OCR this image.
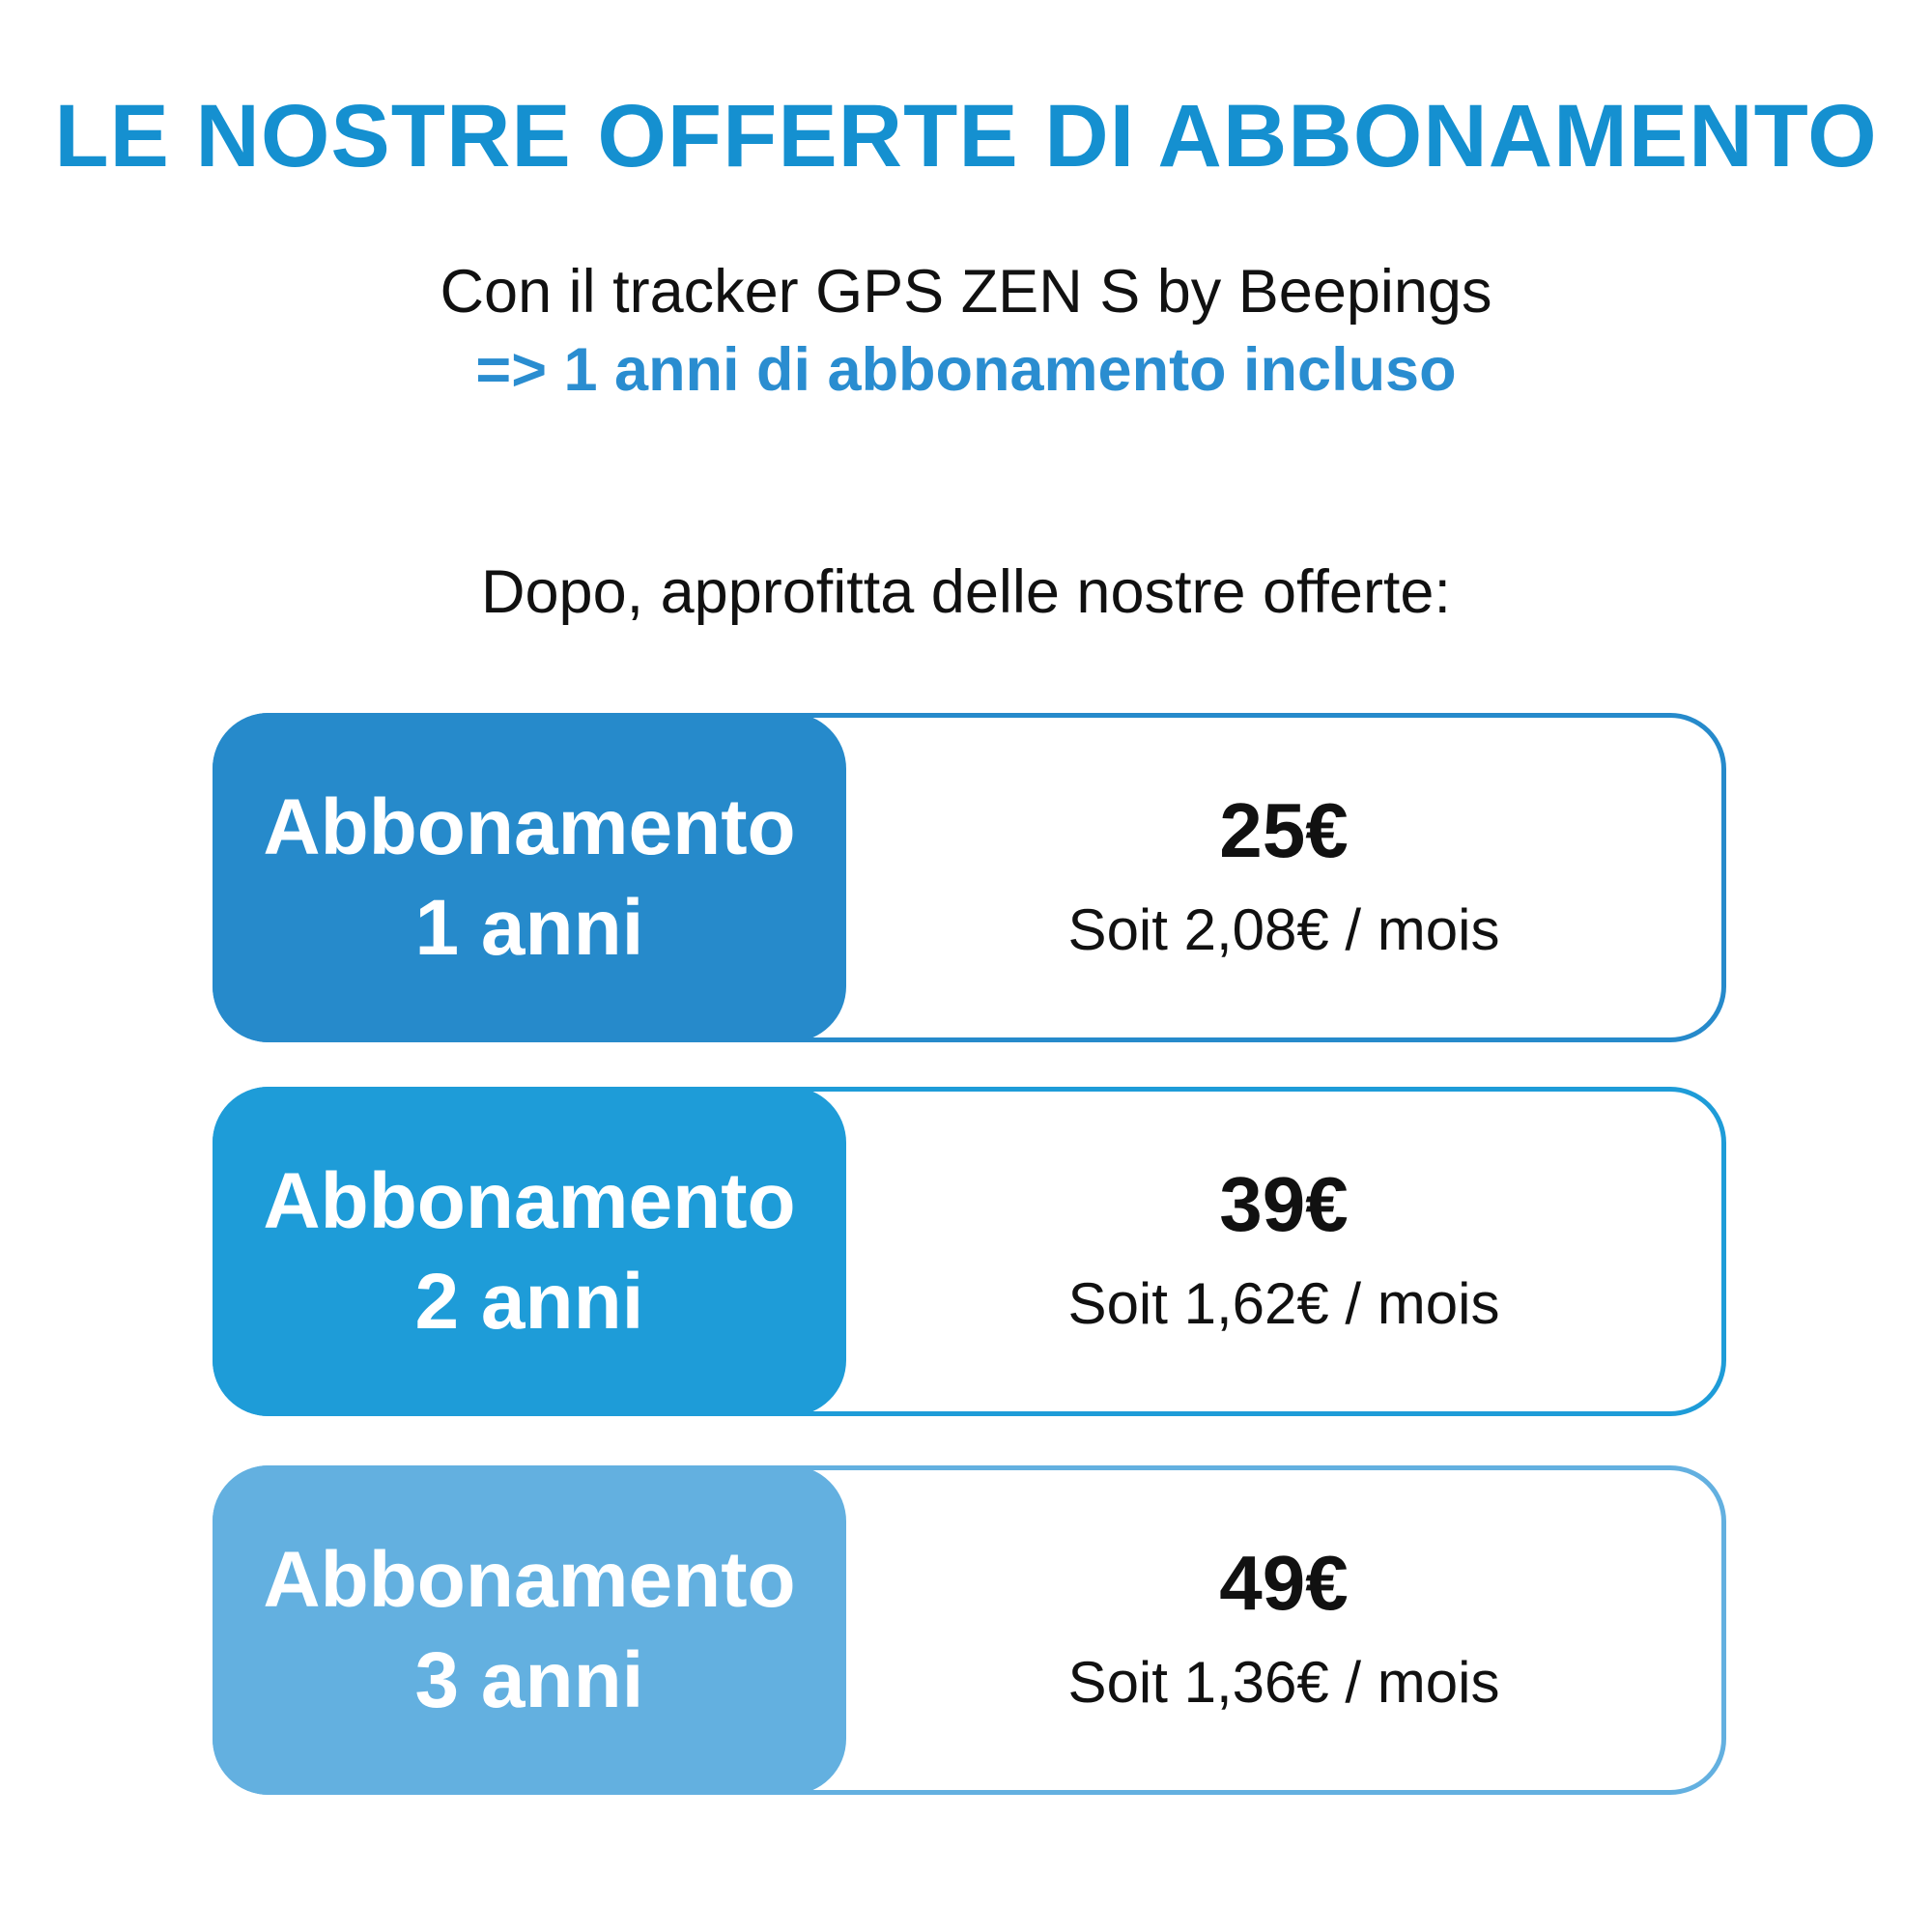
LE NOSTRE OFFERTE DI ABBONAMENTO

Con il tracker GPS ZEN S by Beepings

=> 1 anni di abbonamento incluso

Dopo, approfitta delle nostre offerte:

Abbonamento
1 anni
25€
Soit 2,08€ / mois
Abbonamento
2 anni
39€
Soit 1,62€ / mois
Abbonamento
3 anni
49€
Soit 1,36€ / mois
